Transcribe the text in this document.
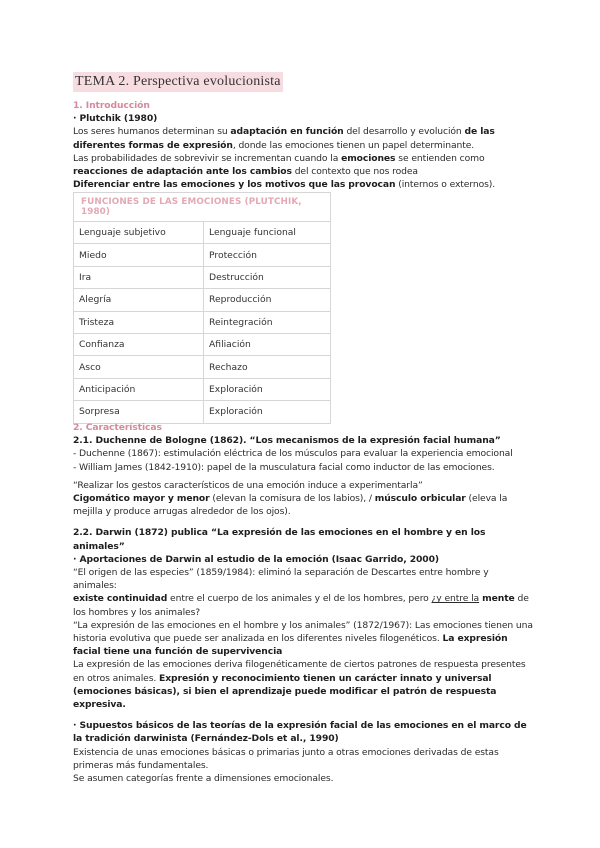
TEMA 2. Perspectiva evolucionista

1. Introducción

· Plutchik (1980)

Los seres humanos determinan su adaptación en función del desarrollo y evolución de las diferentes formas de expresión, donde las emociones tienen un papel determinante.

Las probabilidades de sobrevivir se incrementan cuando la emociones se entienden como reacciones de adaptación ante los cambios del contexto que nos rodea

Diferenciar entre las emociones y los motivos que las provocan (internos o externos).

FUNCIONES DE LAS EMOCIONES (PLUTCHIK, 1980)	
Lenguaje subjetivo	Lenguaje funcional
Miedo	Protección
Ira	Destrucción
Alegría	Reproducción
Tristeza	Reintegración
Confianza	Afiliación
Asco	Rechazo
Anticipación	Exploración
Sorpresa	Exploración

2. Características

2.1. Duchenne de Bologne (1862). “Los mecanismos de la expresión facial humana”

- Duchenne (1867): estimulación eléctrica de los músculos para evaluar la experiencia emocional

- William James (1842-1910): papel de la musculatura facial como inductor de las emociones.

“Realizar los gestos característicos de una emoción induce a experimentarla”

Cigomático mayor y menor (elevan la comisura de los labios), / músculo orbicular (eleva la mejilla y produce arrugas alrededor de los ojos).

2.2. Darwin (1872) publica “La expresión de las emociones en el hombre y en los animales”

· Aportaciones de Darwin al estudio de la emoción (Isaac Garrido, 2000)

“El origen de las especies” (1859/1984): eliminó la separación de Descartes entre hombre y animales:

existe continuidad entre el cuerpo de los animales y el de los hombres, pero ¿y entre la mente de los hombres y los animales?

“La expresión de las emociones en el hombre y los animales” (1872/1967): Las emociones tienen una historia evolutiva que puede ser analizada en los diferentes niveles filogenéticos. La expresión facial tiene una función de supervivencia

La expresión de las emociones deriva filogenéticamente de ciertos patrones de respuesta presentes en otros animales. Expresión y reconocimiento tienen un carácter innato y universal (emociones básicas), si bien el aprendizaje puede modificar el patrón de respuesta expresiva.

· Supuestos básicos de las teorías de la expresión facial de las emociones en el marco de la tradición darwinista (Fernández-Dols et al., 1990)

Existencia de unas emociones básicas o primarias junto a otras emociones derivadas de estas primeras más fundamentales.

Se asumen categorías frente a dimensiones emocionales.
